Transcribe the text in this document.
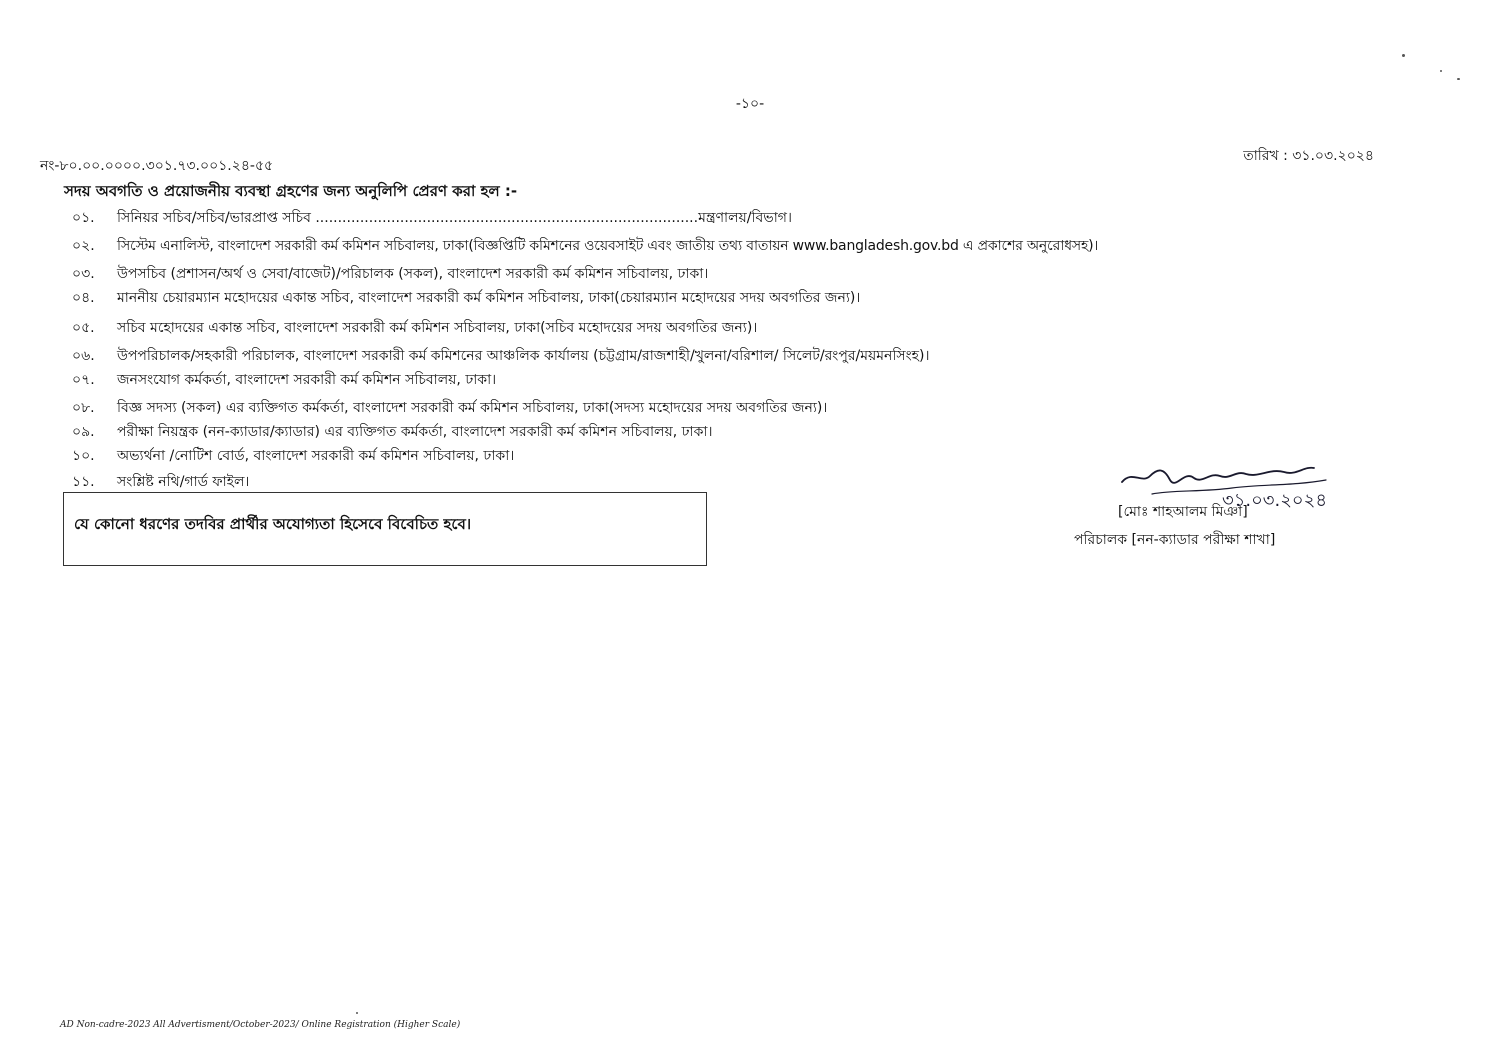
-১০-
নং-৮০.০০.০০০০.৩০১.৭৩.০০১.২৪-৫৫
তারিখ : ৩১.০৩.২০২৪
সদয় অবগতি ও প্রয়োজনীয় ব্যবস্থা গ্রহণের জন্য অনুলিপি প্রেরণ করা হল :-
০১.	সিনিয়র সচিব/সচিব/ভারপ্রাপ্ত সচিব ......................................................................................মন্ত্রণালয়/বিভাগ।
০২.	সিস্টেম এনালিস্ট, বাংলাদেশ সরকারী কর্ম কমিশন সচিবালয়, ঢাকা(বিজ্ঞপ্তিটি কমিশনের ওয়েবসাইট এবং জাতীয় তথ্য বাতায়ন www.bangladesh.gov.bd এ প্রকাশের অনুরোধসহ)।
০৩.	উপসচিব (প্রশাসন/অর্থ ও সেবা/বাজেট)/পরিচালক (সকল), বাংলাদেশ সরকারী কর্ম কমিশন সচিবালয়, ঢাকা।
০৪.	মাননীয় চেয়ারম্যান মহোদয়ের একান্ত সচিব, বাংলাদেশ সরকারী কর্ম কমিশন সচিবালয়, ঢাকা(চেয়ারম্যান মহোদয়ের সদয় অবগতির জন্য)।
০৫.	সচিব মহোদয়ের একান্ত সচিব, বাংলাদেশ সরকারী কর্ম কমিশন সচিবালয়, ঢাকা(সচিব মহোদয়ের সদয় অবগতির জন্য)।
০৬.	উপপরিচালক/সহকারী পরিচালক, বাংলাদেশ সরকারী কর্ম কমিশনের আঞ্চলিক কার্যালয় (চট্টগ্রাম/রাজশাহী/খুলনা/বরিশাল/ সিলেট/রংপুর/ময়মনসিংহ)।
০৭.	জনসংযোগ কর্মকর্তা, বাংলাদেশ সরকারী কর্ম কমিশন সচিবালয়, ঢাকা।
০৮.	বিজ্ঞ সদস্য (সকল) এর ব্যক্তিগত কর্মকর্তা, বাংলাদেশ সরকারী কর্ম কমিশন সচিবালয়, ঢাকা(সদস্য মহোদয়ের সদয় অবগতির জন্য)।
০৯.	পরীক্ষা নিয়ন্ত্রক (নন-ক্যাডার/ক্যাডার) এর ব্যক্তিগত কর্মকর্তা, বাংলাদেশ সরকারী কর্ম কমিশন সচিবালয়, ঢাকা।
১০.	অভ্যর্থনা /নোটিশ বোর্ড, বাংলাদেশ সরকারী কর্ম কমিশন সচিবালয়, ঢাকা।
১১.	সংশ্লিষ্ট নথি/গার্ড ফাইল।
যে কোনো ধরণের তদবির প্রার্থীর অযোগ্যতা হিসেবে বিবেচিত হবে।
৩১.০৩.২০২৪
[মোঃ শাহআলম মিঞা]
পরিচালক [নন-ক্যাডার পরীক্ষা শাখা]
AD Non-cadre-2023 All Advertisment/October-2023/ Online Registration (Higher Scale)
